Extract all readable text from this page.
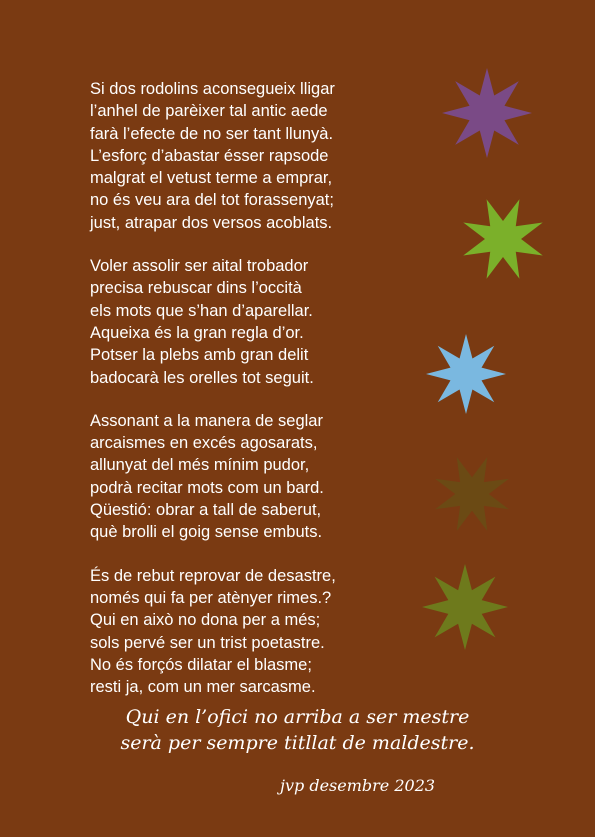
Si dos rodolins aconsegueix lligar
l’anhel de parèixer tal antic aede
farà l’efecte de no ser tant llunyà.
L’esforç d’abastar ésser rapsode
malgrat el vetust terme a emprar,
no és veu ara del tot forassenyat;
just, atrapar dos versos acoblats.
Voler assolir ser aital trobador
precisa rebuscar dins l’occità
els mots que s’han d’aparellar.
Aqueixa és la gran regla d’or.
Potser la plebs amb gran delit
badocarà les orelles tot seguit.
Assonant a la manera de seglar
arcaismes en excés agosarats,
allunyat del més mínim pudor,
podrà recitar mots com un bard.
Qüestió: obrar a tall de saberut,
què brolli el goig sense embuts.
És de rebut reprovar de desastre,
només qui fa per atènyer rimes.?
Qui en això no dona per a més;
sols pervé ser un trist poetastre.
No és forçós dilatar el blasme;
resti ja, com un mer sarcasme.
Qui en l’ofici no arriba a ser mestre
serà per sempre titllat de maldestre.
jvp desembre 2023
